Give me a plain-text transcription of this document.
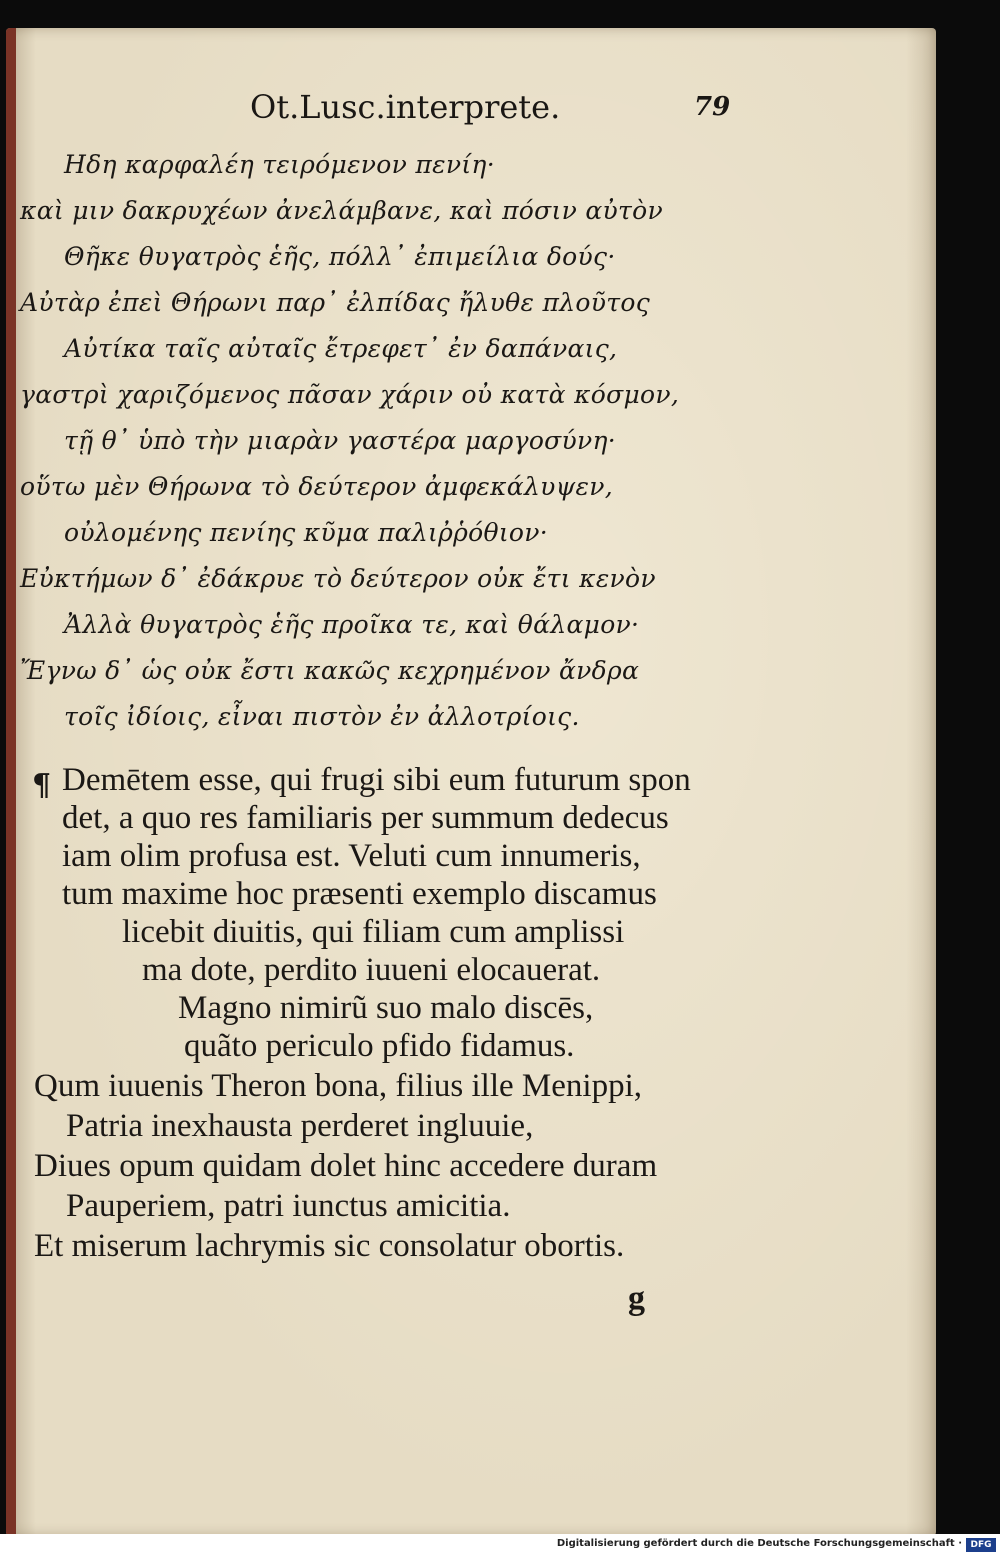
Ot.Lusc.interprete.	79
Ηδη καρφαλέη τειρόμενον πενίη·
καὶ μιν δακρυχέων ἀνελάμβανε, καὶ πόσιν αὐτὸν
Θῆκε θυγατρὸς ἑῆς, πόλλ᾽ ἐπιμείλια δούς·
Αὐτὰρ ἐπεὶ Θήρωνι παρ᾽ ἐλπίδας ἤλυθε πλοῦτος
Αὐτίκα ταῖς αὐταῖς ἔτρεφετ᾽ ἐν δαπάναις,
γαστρὶ χαριζόμενος πᾶσαν χάριν οὐ κατὰ κόσμον,
τῇ θ᾽ ὑπὸ τὴν μιαρὰν γαστέρα μαργοσύνη·
οὕτω μὲν Θήρωνα τὸ δεύτερον ἀμφεκάλυψεν,
οὐλομένης πενίης κῦμα παλιῤῥόθιον·
Εὐκτήμων δ᾽ ἐδάκρυε τὸ δεύτερον οὐκ ἔτι κενὸν
Ἀλλὰ θυγατρὸς ἑῆς πρoῖκα τε, καὶ θάλαμον·
Ἔγνω δ᾽ ὡς οὐκ ἔστι κακῶς κεχρημένον ἄνδρα
τοῖς ἰδίοις, εἶναι πιστὸν ἐν ἀλλοτρίοις.
¶ Demētem esse, qui frugi sibi eum futurum spon
det, a quo res familiaris per summum dedecus
iam olim profusa est. Veluti cum innumeris,
tum maxime hoc præsenti exemplo discamus
licebit diuitis, qui filiam cum amplissi
ma dote, perdito iuueni elocauerat.
Magno nimirũ suo malo discēs,
quãto periculo pfido fidamus.
Qum iuuenis Theron bona, filius ille Menippi,
Patria inexhausta perderet ingluuie,
Diues opum quidam dolet hinc accedere duram
Pauperiem, patri iunctus amicitia.
Et miserum lachrymis sic consolatur obortis.
g
Digitalisierung gefördert durch die Deutsche Forschungsgemeinschaft · DFG
